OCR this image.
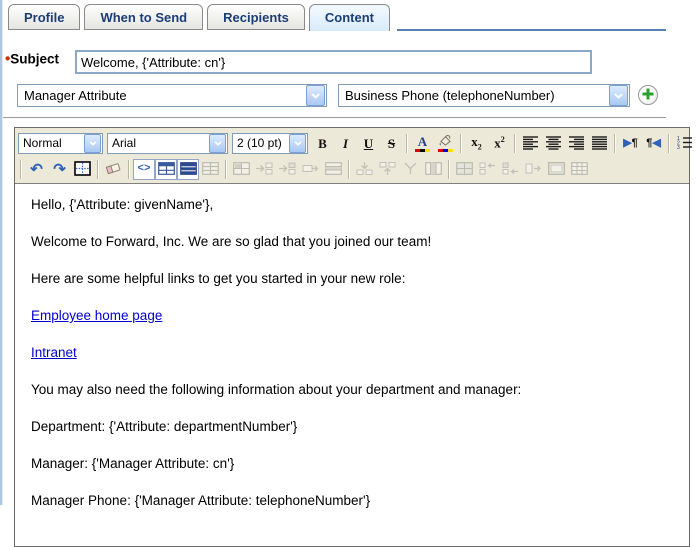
Profile	When to Send	Recipients	Content
•Subject
Welcome, {'Attribute: cn'}
Manager Attribute	Business Phone (telephoneNumber)
Normal	Arial	2 (10 pt)	B	I	U	S	A	$x_2$ $x^2$	▶¶ ¶◀	1
2
3
↶ ↷	<>

Hello, {'Attribute: givenName'},

Welcome to Forward, Inc. We are so glad that you joined our team!

Here are some helpful links to get you started in your new role:

Employee home page

Intranet

You may also need the following information about your department and manager:

Department: {'Attribute: departmentNumber'}

Manager: {'Manager Attribute: cn'}

Manager Phone: {'Manager Attribute: telephoneNumber'}
